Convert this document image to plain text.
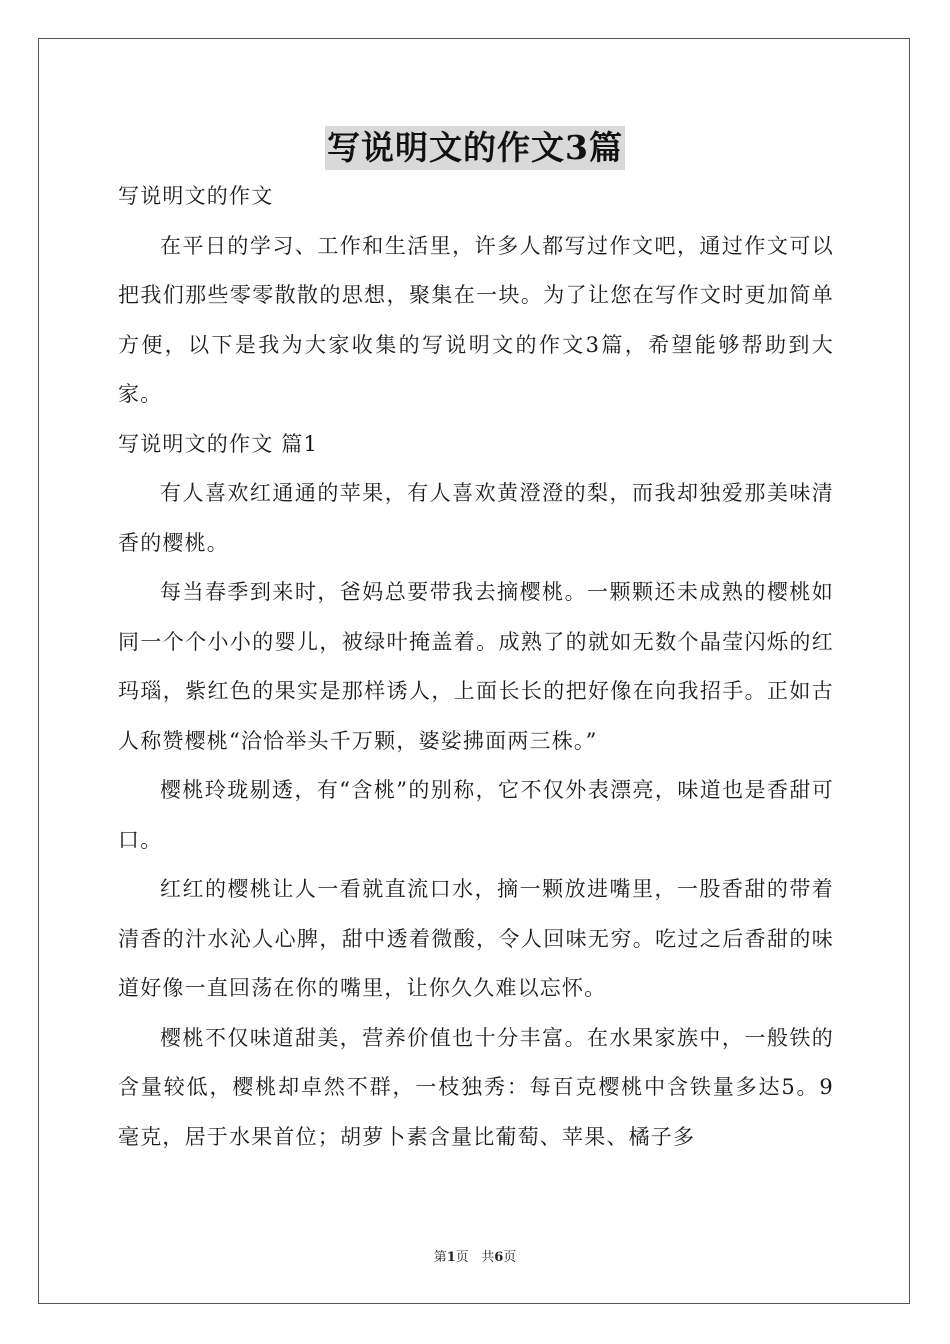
写说明文的作文3篇

写说明文的作文

在平日的学习、工作和生活里，许多人都写过作文吧，通过作文可以把我们那些零零散散的思想，聚集在一块。为了让您在写作文时更加简单方便，以下是我为大家收集的写说明文的作文3篇，希望能够帮助到大家。

写说明文的作文 篇1

有人喜欢红通通的苹果，有人喜欢黄澄澄的梨，而我却独爱那美味清香的樱桃。

每当春季到来时，爸妈总要带我去摘樱桃。一颗颗还未成熟的樱桃如同一个个小小的婴儿，被绿叶掩盖着。成熟了的就如无数个晶莹闪烁的红玛瑙，紫红色的果实是那样诱人，上面长长的把好像在向我招手。正如古人称赞樱桃“洽恰举头千万颗，婆娑拂面两三株。”

樱桃玲珑剔透，有“含桃”的别称，它不仅外表漂亮，味道也是香甜可口。

红红的樱桃让人一看就直流口水，摘一颗放进嘴里，一股香甜的带着清香的汁水沁人心脾，甜中透着微酸，令人回味无穷。吃过之后香甜的味道好像一直回荡在你的嘴里，让你久久难以忘怀。

樱桃不仅味道甜美，营养价值也十分丰富。在水果家族中，一般铁的含量较低，樱桃却卓然不群，一枝独秀：每百克樱桃中含铁量多达5。9毫克，居于水果首位；胡萝卜素含量比葡萄、苹果、橘子多

第1页 共6页
